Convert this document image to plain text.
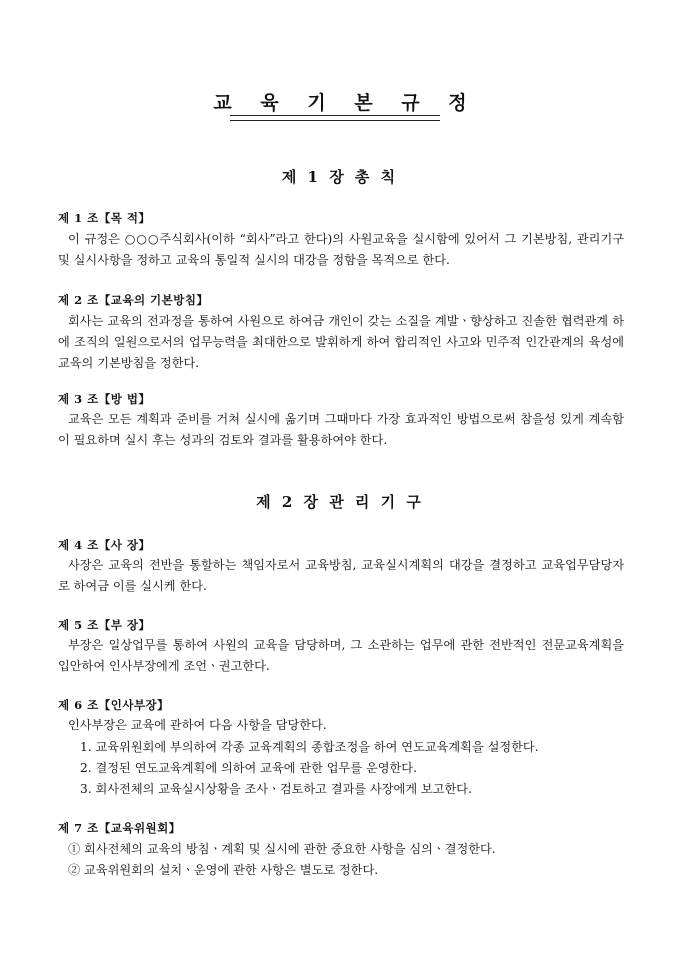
교 육 기 본 규 정
제 1 장 총 칙
제 1 조【목 적】
이 규정은 ○○○주식회사(이하 “회사”라고 한다)의 사원교육을 실시함에 있어서 그 기본방침, 관리기구 및 실시사항을 정하고 교육의 통일적 실시의 대강을 정함을 목적으로 한다.
제 2 조【교육의 기본방침】
회사는 교육의 전과정을 통하여 사원으로 하여금 개인이 갖는 소질을 계발ㆍ향상하고 진솔한 협력관계 하에 조직의 일원으로서의 업무능력을 최대한으로 발휘하게 하여 합리적인 사고와 민주적 인간관계의 육성에 교육의 기본방침을 정한다.
제 3 조【방 법】
교육은 모든 계획과 준비를 거쳐 실시에 옮기며 그때마다 가장 효과적인 방법으로써 참을성 있게 계속함이 필요하며 실시 후는 성과의 검토와 결과를 활용하여야 한다.
제 2 장 관 리 기 구
제 4 조【사 장】
사장은 교육의 전반을 통할하는 책임자로서 교육방침, 교육실시계획의 대강을 결정하고 교육업무담당자로 하여금 이를 실시케 한다.
제 5 조【부 장】
부장은 일상업무를 통하여 사원의 교육을 담당하며, 그 소관하는 업무에 관한 전반적인 전문교육계획을 입안하여 인사부장에게 조언ㆍ권고한다.
제 6 조【인사부장】
인사부장은 교육에 관하여 다음 사항을 담당한다.
1. 교육위원회에 부의하여 각종 교육계획의 종합조정을 하여 연도교육계획을 설정한다.
2. 결정된 연도교육계획에 의하여 교육에 관한 업무를 운영한다.
3. 회사전체의 교육실시상황을 조사ㆍ검토하고 결과를 사장에게 보고한다.
제 7 조【교육위원회】
① 회사전체의 교육의 방침ㆍ계획 및 실시에 관한 중요한 사항을 심의ㆍ결정한다.
② 교육위원회의 설치ㆍ운영에 관한 사항은 별도로 정한다.
